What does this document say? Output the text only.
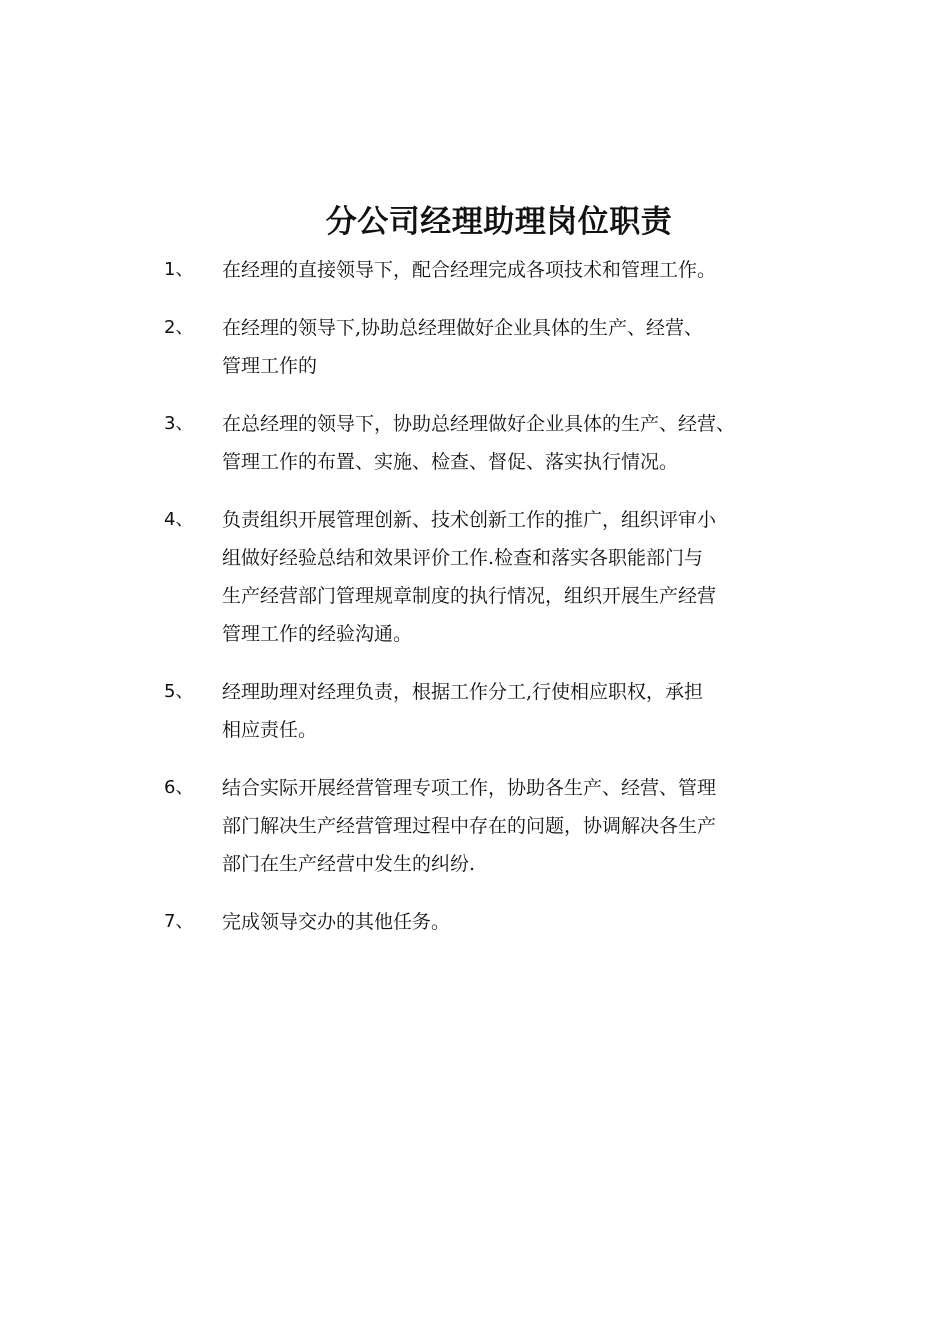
分公司经理助理岗位职责
1、 在经理的直接领导下，配合经理完成各项技术和管理工作。
2、 在经理的领导下,协助总经理做好企业具体的生产、经营、
管理工作的
3、 在总经理的领导下，协助总经理做好企业具体的生产、经营、
管理工作的布置、实施、检查、督促、落实执行情况。
4、 负责组织开展管理创新、技术创新工作的推广，组织评审小
组做好经验总结和效果评价工作.检查和落实各职能部门与
生产经营部门管理规章制度的执行情况，组织开展生产经营
管理工作的经验沟通。
5、 经理助理对经理负责，根据工作分工,行使相应职权，承担
相应责任。
6、 结合实际开展经营管理专项工作，协助各生产、经营、管理
部门解决生产经营管理过程中存在的问题，协调解决各生产
部门在生产经营中发生的纠纷.
7、 完成领导交办的其他任务。
